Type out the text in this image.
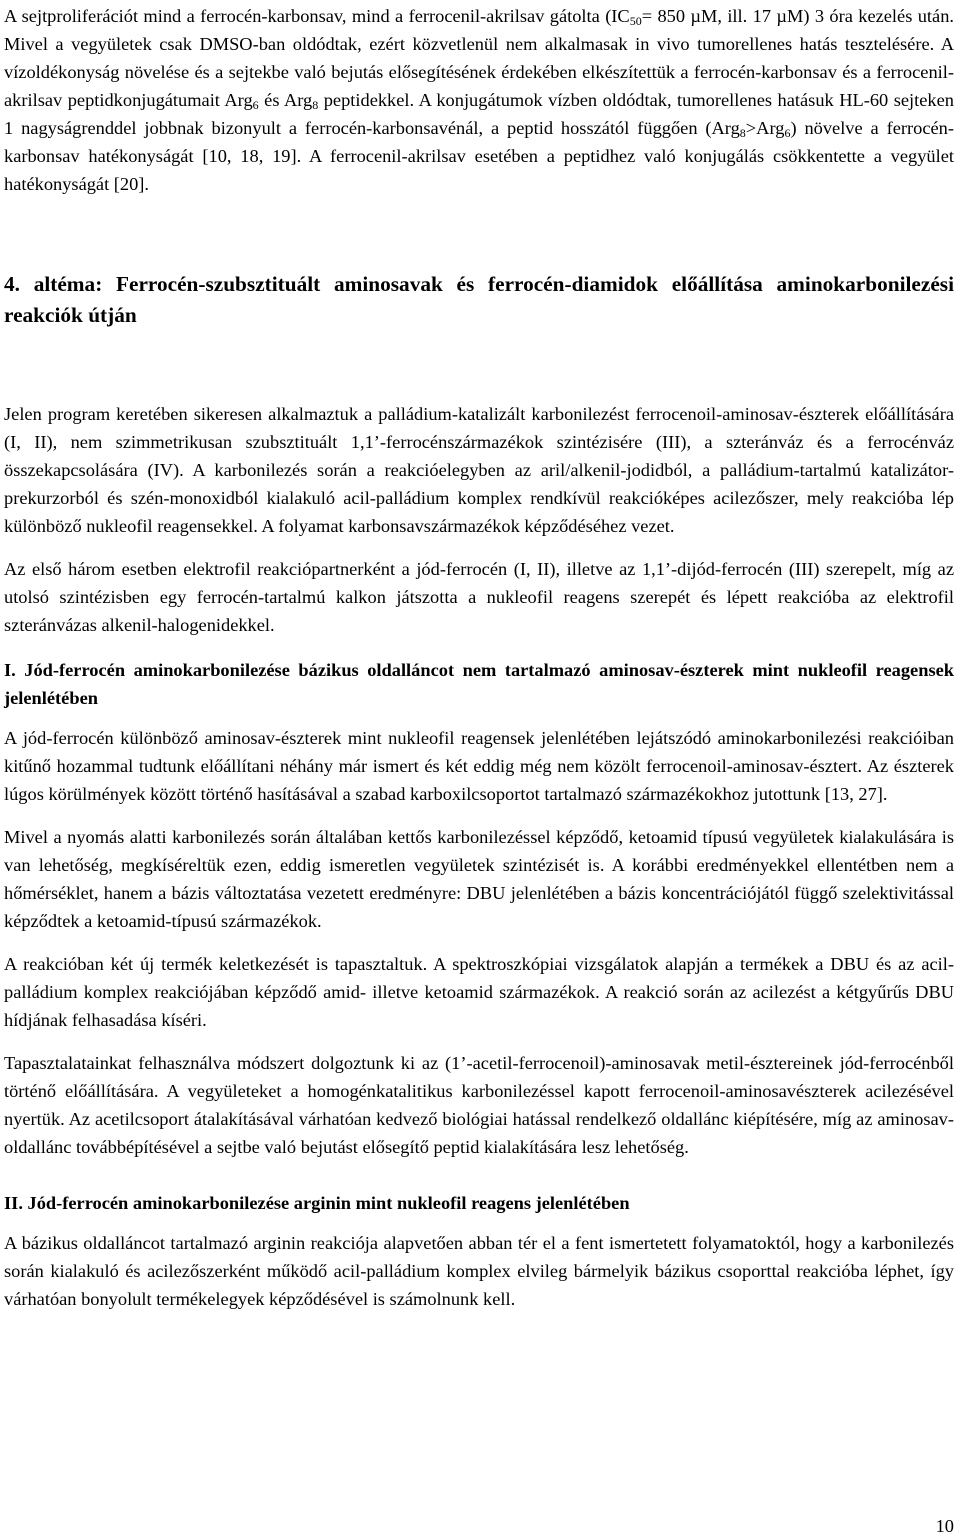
A sejtproliferációt mind a ferrocén-karbonsav, mind a ferrocenil-akrilsav gátolta ($IC_{50}= 850$ µM, ill. 17 µM) 3 óra kezelés után. Mivel a vegyületek csak DMSO-ban oldódtak, ezért közvetlenül nem alkalmasak in vivo tumorellenes hatás tesztelésére. A vízoldékonyság növelése és a sejtekbe való bejutás elősegítésének érdekében elkészítettük a ferrocén-karbonsav és a ferrocenil-akrilsav peptidkonjugátumait Arg$_6$ és Arg$_8$ peptidekkel. A konjugátumok vízben oldódtak, tumorellenes hatásuk HL-60 sejteken 1 nagyságrenddel jobbnak bizonyult a ferrocén-karbonsavénál, a peptid hosszától függően (Arg$_8$>Arg$_6$) növelve a ferrocén-karbonsav hatékonyságát [10, 18, 19]. A ferrocenil-akrilsav esetében a peptidhez való konjugálás csökkentette a vegyület hatékonyságát [20].

4. altéma: Ferrocén-szubsztituált aminosavak és ferrocén-diamidok előállítása aminokarbonilezési reakciók útján

Jelen program keretében sikeresen alkalmaztuk a palládium-katalizált karbonilezést ferrocenoil-aminosav-észterek előállítására (I, II), nem szimmetrikusan szubsztituált 1,1’-ferrocénszármazékok szintézisére (III), a szteránváz és a ferrocénváz összekapcsolására (IV). A karbonilezés során a reakcióelegyben az aril/alkenil-jodidból, a palládium-tartalmú katalizátor-prekurzorból és szén-monoxidból kialakuló acil-palládium komplex rendkívül reakcióképes acilezőszer, mely reakcióba lép különböző nukleofil reagensekkel. A folyamat karbonsavszármazékok képződéséhez vezet.

Az első három esetben elektrofil reakciópartnerként a jód-ferrocén (I, II), illetve az 1,1’-dijód-ferrocén (III) szerepelt, míg az utolsó szintézisben egy ferrocén-tartalmú kalkon játszotta a nukleofil reagens szerepét és lépett reakcióba az elektrofil szteránvázas alkenil-halogenidekkel.

I. Jód-ferrocén aminokarbonilezése bázikus oldalláncot nem tartalmazó aminosav-észterek mint nukleofil reagensek jelenlétében

A jód-ferrocén különböző aminosav-észterek mint nukleofil reagensek jelenlétében lejátszódó aminokarbonilezési reakcióiban kitűnő hozammal tudtunk előállítani néhány már ismert és két eddig még nem közölt ferrocenoil-aminosav-észtert. Az észterek lúgos körülmények között történő hasításával a szabad karboxilcsoportot tartalmazó származékokhoz jutottunk [13, 27].

Mivel a nyomás alatti karbonilezés során általában kettős karbonilezéssel képződő, ketoamid típusú vegyületek kialakulására is van lehetőség, megkíséreltük ezen, eddig ismeretlen vegyületek szintézisét is. A korábbi eredményekkel ellentétben nem a hőmérséklet, hanem a bázis változtatása vezetett eredményre: DBU jelenlétében a bázis koncentrációjától függő szelektivitással képződtek a ketoamid-típusú származékok.

A reakcióban két új termék keletkezését is tapasztaltuk. A spektroszkópiai vizsgálatok alapján a termékek a DBU és az acil-palládium komplex reakciójában képződő amid- illetve ketoamid származékok. A reakció során az acilezést a kétgyűrűs DBU hídjának felhasadása kíséri.

Tapasztalatainkat felhasználva módszert dolgoztunk ki az (1’-acetil-ferrocenoil)-aminosavak metil-észtereinek jód-ferrocénből történő előállítására. A vegyületeket a homogénkatalitikus karbonilezéssel kapott ferrocenoil-aminosavészterek acilezésével nyertük. Az acetilcsoport átalakításával várhatóan kedvező biológiai hatással rendelkező oldallánc kiépítésére, míg az aminosav-oldallánc továbbépítésével a sejtbe való bejutást elősegítő peptid kialakítására lesz lehetőség.

II. Jód-ferrocén aminokarbonilezése arginin mint nukleofil reagens jelenlétében

A bázikus oldalláncot tartalmazó arginin reakciója alapvetően abban tér el a fent ismertetett folyamatoktól, hogy a karbonilezés során kialakuló és acilezőszerként működő acil-palládium komplex elvileg bármelyik bázikus csoporttal reakcióba léphet, így várhatóan bonyolult termékelegyek képződésével is számolnunk kell.

10
